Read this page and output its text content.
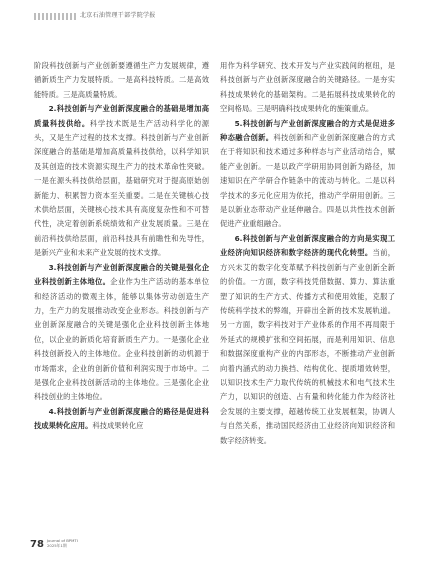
北京石油管理干部学院学报

阶段科技创新与产业创新要遵循生产力发展规律，遵循新质生产力发展特质。一是高科技特质。二是高效能特质。三是高质量特质。

2.科技创新与产业创新深度融合的基础是增加高质量科技供给。科学技术既是生产活动科学化的源头，又是生产过程的技术支撑。科技创新与产业创新深度融合的基础是增加高质量科技供给，以科学知识及其创造的技术资源实现生产力的技术革命性突破。一是在源头科技供给层面，基础研究对于提高原始创新能力、积累智力资本至关重要。二是在关键核心技术供给层面，关键核心技术具有高度复杂性和不可替代性，决定着创新系统绩效和产业发展质量。三是在前沿科技供给层面，前沿科技具有前瞻性和先导性，是新兴产业和未来产业发展的技术支撑。

3.科技创新与产业创新深度融合的关键是强化企业科技创新主体地位。企业作为生产活动的基本单位和经济活动的微观主体，能够以集体劳动创造生产力，生产力的发展推动改变企业形态。科技创新与产业创新深度融合的关键是强化企业科技创新主体地位，以企业的新质化培育新质生产力。一是强化企业科技创新投入的主体地位。企业科技创新的动机源于市场需求，企业的创新价值和利润实现于市场中。二是强化企业科技创新活动的主体地位。三是强化企业科技创业的主体地位。

4.科技创新与产业创新深度融合的路径是促进科技成果转化应用。科技成果转化应

用作为科学研究、技术开发与产业实践间的枢纽，是科技创新与产业创新深度融合的关键路径。一是夯实科技成果转化的基础架构。二是拓展科技成果转化的空间格局。三是明确科技成果转化的施策重点。

5.科技创新与产业创新深度融合的方式是促进多种态融合创新。科技创新和产业创新深度融合的方式在于将知识和技术通过多种样态与产业活动结合，赋能产业创新。一是以政产学研用协同创新为路径，加速知识在产学研合作链条中的流动与转化。二是以科学技术的多元化应用为依托，推动产学研用创新。三是以新业态带动产业延伸融合。四是以共性技术创新促进产业重组融合。

6.科技创新与产业创新深度融合的方向是实现工业经济向知识经济和数字经济的现代化转型。当前，方兴未艾的数字化变革赋予科技创新与产业创新全新的价值。一方面，数字科技凭借数据、算力、算法重塑了知识的生产方式、传播方式和使用效能，克服了传统科学技术的弊端，开辟出全新的技术发展轨道。另一方面，数字科技对于产业体系的作用不再局限于外延式的规模扩张和空间拓展，而是利用知识、信息和数据深度重构产业的内部形态，不断推动产业创新向着内涵式的动力换挡、结构优化、提质增效转型，以知识技术生产力取代传统的机械技术和电气技术生产力，以知识的创造、占有量和转化能力作为经济社会发展的主要支撑，超越传统工业发展框架，协调人与自然关系，推动国民经济由工业经济向知识经济和数字经济转变。

78 Journal of BPMTI
2025年1期
